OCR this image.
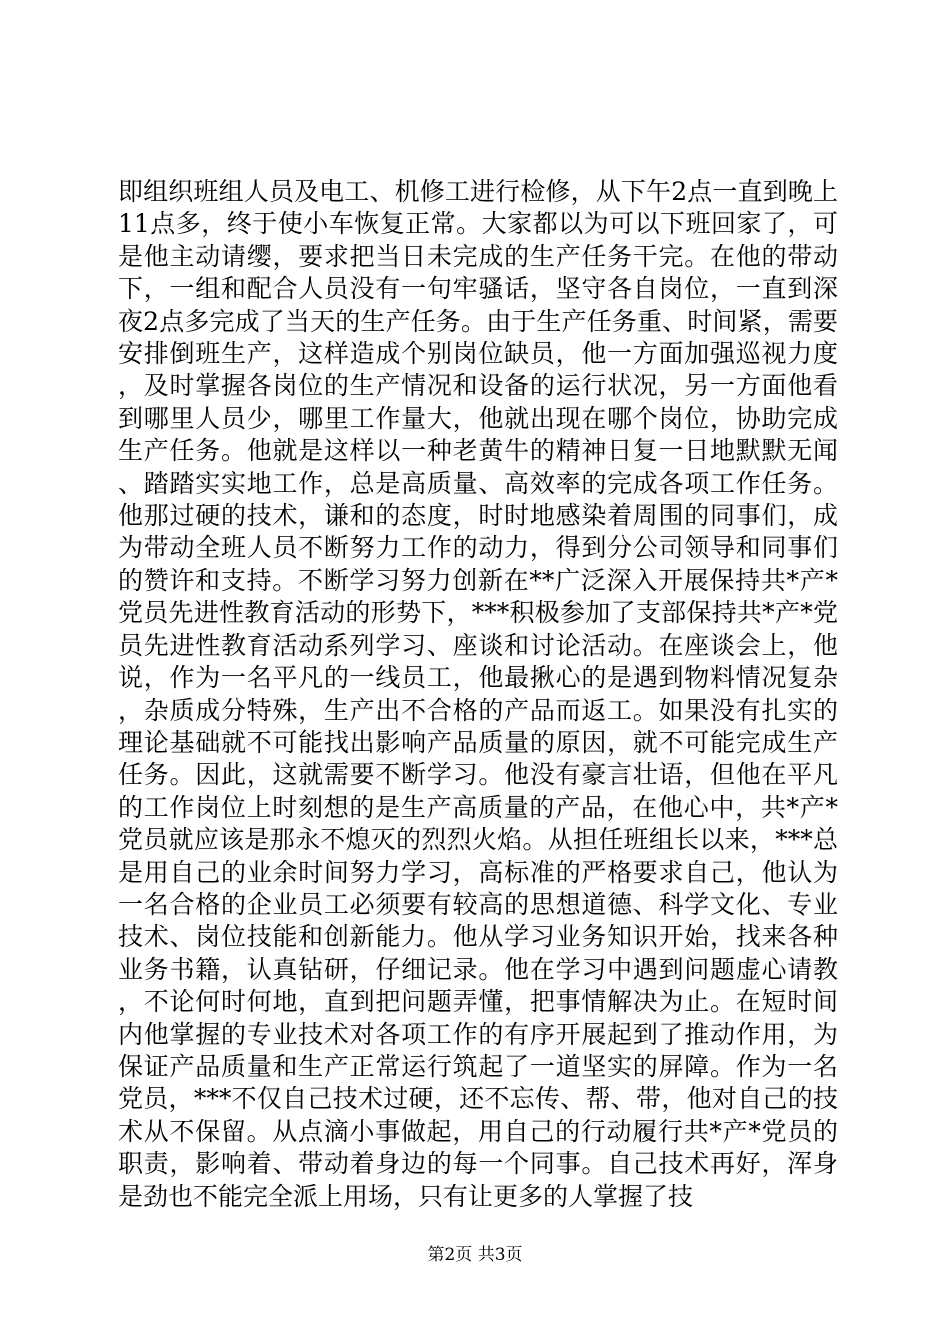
即组织班组人员及电工、机修工进行检修，从下午2点一直到晚上11点多，终于使小车恢复正常。大家都以为可以下班回家了，可是他主动请缨，要求把当日未完成的生产任务干完。在他的带动下，一组和配合人员没有一句牢骚话，坚守各自岗位，一直到深夜2点多完成了当天的生产任务。由于生产任务重、时间紧，需要安排倒班生产，这样造成个别岗位缺员，他一方面加强巡视力度，及时掌握各岗位的生产情况和设备的运行状况，另一方面他看到哪里人员少，哪里工作量大，他就出现在哪个岗位，协助完成生产任务。他就是这样以一种老黄牛的精神日复一日地默默无闻、踏踏实实地工作，总是高质量、高效率的完成各项工作任务。他那过硬的技术，谦和的态度，时时地感染着周围的同事们，成为带动全班人员不断努力工作的动力，得到分公司领导和同事们的赞许和支持。不断学习努力创新在**广泛深入开展保持共*产*党员先进性教育活动的形势下，***积极参加了支部保持共*产*党员先进性教育活动系列学习、座谈和讨论活动。在座谈会上，他说，作为一名平凡的一线员工，他最揪心的是遇到物料情况复杂，杂质成分特殊，生产出不合格的产品而返工。如果没有扎实的理论基础就不可能找出影响产品质量的原因，就不可能完成生产任务。因此，这就需要不断学习。他没有豪言壮语，但他在平凡的工作岗位上时刻想的是生产高质量的产品，在他心中，共*产*党员就应该是那永不熄灭的烈烈火焰。从担任班组长以来，***总是用自己的业余时间努力学习，高标准的严格要求自己，他认为一名合格的企业员工必须要有较高的思想道德、科学文化、专业技术、岗位技能和创新能力。他从学习业务知识开始，找来各种业务书籍，认真钻研，仔细记录。他在学习中遇到问题虚心请教，不论何时何地，直到把问题弄懂，把事情解决为止。在短时间内他掌握的专业技术对各项工作的有序开展起到了推动作用，为保证产品质量和生产正常运行筑起了一道坚实的屏障。作为一名党员，***不仅自己技术过硬，还不忘传、帮、带，他对自己的技术从不保留。从点滴小事做起，用自己的行动履行共*产*党员的职责，影响着、带动着身边的每一个同事。自己技术再好，浑身是劲也不能完全派上用场，只有让更多的人掌握了技

第2页 共3页
